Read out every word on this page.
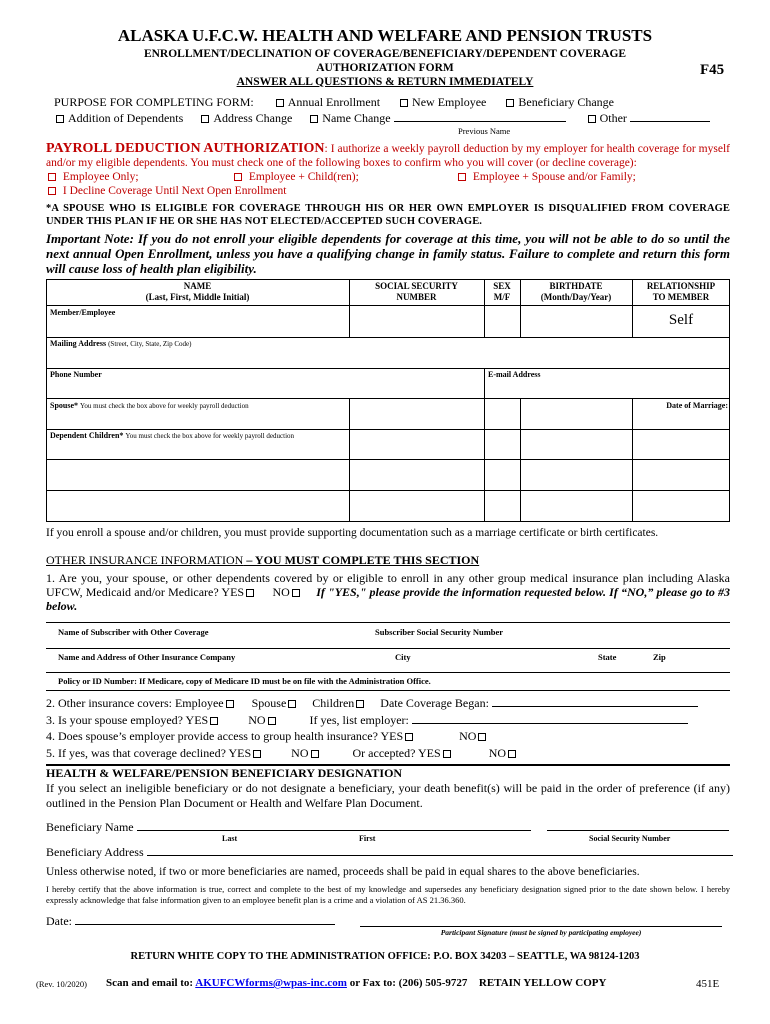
ALASKA U.F.C.W. HEALTH AND WELFARE AND PENSION TRUSTS
ENROLLMENT/DECLINATION OF COVERAGE/BENEFICIARY/DEPENDENT COVERAGE
AUTHORIZATION FORM
ANSWER ALL QUESTIONS & RETURN IMMEDIATELY
F45
PURPOSE FOR COMPLETING FORM:	Annual Enrollment	New Employee	Beneficiary Change
Addition of Dependents	Address Change	Name Change	Other
Previous Name
PAYROLL DEDUCTION AUTHORIZATION: I authorize a weekly payroll deduction by my employer for health coverage for myself and/or my eligible dependents. You must check one of the following boxes to confirm who you will cover (or decline coverage):
Employee Only;	Employee + Child(ren);	Employee + Spouse and/or Family;
I Decline Coverage Until Next Open Enrollment
*A SPOUSE WHO IS ELIGIBLE FOR COVERAGE THROUGH HIS OR HER OWN EMPLOYER IS DISQUALIFIED FROM COVERAGE UNDER THIS PLAN IF HE OR SHE HAS NOT ELECTED/ACCEPTED SUCH COVERAGE.
Important Note: If you do not enroll your eligible dependents for coverage at this time, you will not be able to do so until the next annual Open Enrollment, unless you have a qualifying change in family status. Failure to complete and return this form will cause loss of health plan eligibility.
NAME
(Last, First, Middle Initial)
SOCIAL SECURITY
NUMBER
SEX
M/F
BIRTHDATE
(Month/Day/Year)
RELATIONSHIP
TO MEMBER
Member/Employee	Self
Mailing Address (Street, City, State, Zip Code)
Phone Number	E-mail Address
Spouse* You must check the box above for weekly payroll deduction	Date of Marriage:
Dependent Children* You must check the box above for weekly payroll deduction
If you enroll a spouse and/or children, you must provide supporting documentation such as a marriage certificate or birth certificates.
OTHER INSURANCE INFORMATION – YOU MUST COMPLETE THIS SECTION
1. Are you, your spouse, or other dependents covered by or eligible to enroll in any other group medical insurance plan including Alaska UFCW, Medicaid and/or Medicare? YES NO If "YES," please provide the information requested below. If “NO,” please go to #3 below.
Name of Subscriber with Other Coverage	Subscriber Social Security Number
Name and Address of Other Insurance Company	City	State	Zip
Policy or ID Number: If Medicare, copy of Medicare ID must be on file with the Administration Office.
2. Other insurance covers: Employee Spouse Children Date Coverage Began:
3. Is your spouse employed? YES	NO	If yes, list employer:
4. Does spouse’s employer provide access to group health insurance? YES	NO
5. If yes, was that coverage declined? YES	NO	Or accepted? YES	NO
HEALTH & WELFARE/PENSION BENEFICIARY DESIGNATION
If you select an ineligible beneficiary or do not designate a beneficiary, your death benefit(s) will be paid in the order of preference (if any) outlined in the Pension Plan Document or Health and Welfare Plan Document.
Beneficiary Name
Last	First	Social Security Number
Beneficiary Address
Unless otherwise noted, if two or more beneficiaries are named, proceeds shall be paid in equal shares to the above beneficiaries.
I hereby certify that the above information is true, correct and complete to the best of my knowledge and supersedes any beneficiary designation signed prior to the date shown below. I hereby expressly acknowledge that false information given to an employee benefit plan is a crime and a violation of AS 21.36.360.
Date:
Participant Signature (must be signed by participating employee)
RETURN WHITE COPY TO THE ADMINISTRATION OFFICE: P.O. BOX 34203 – SEATTLE, WA 98124-1203
(Rev. 10/2020) Scan and email to: AKUFCWforms@wpas-inc.com or Fax to: (206) 505-9727 RETAIN YELLOW COPY	451E
